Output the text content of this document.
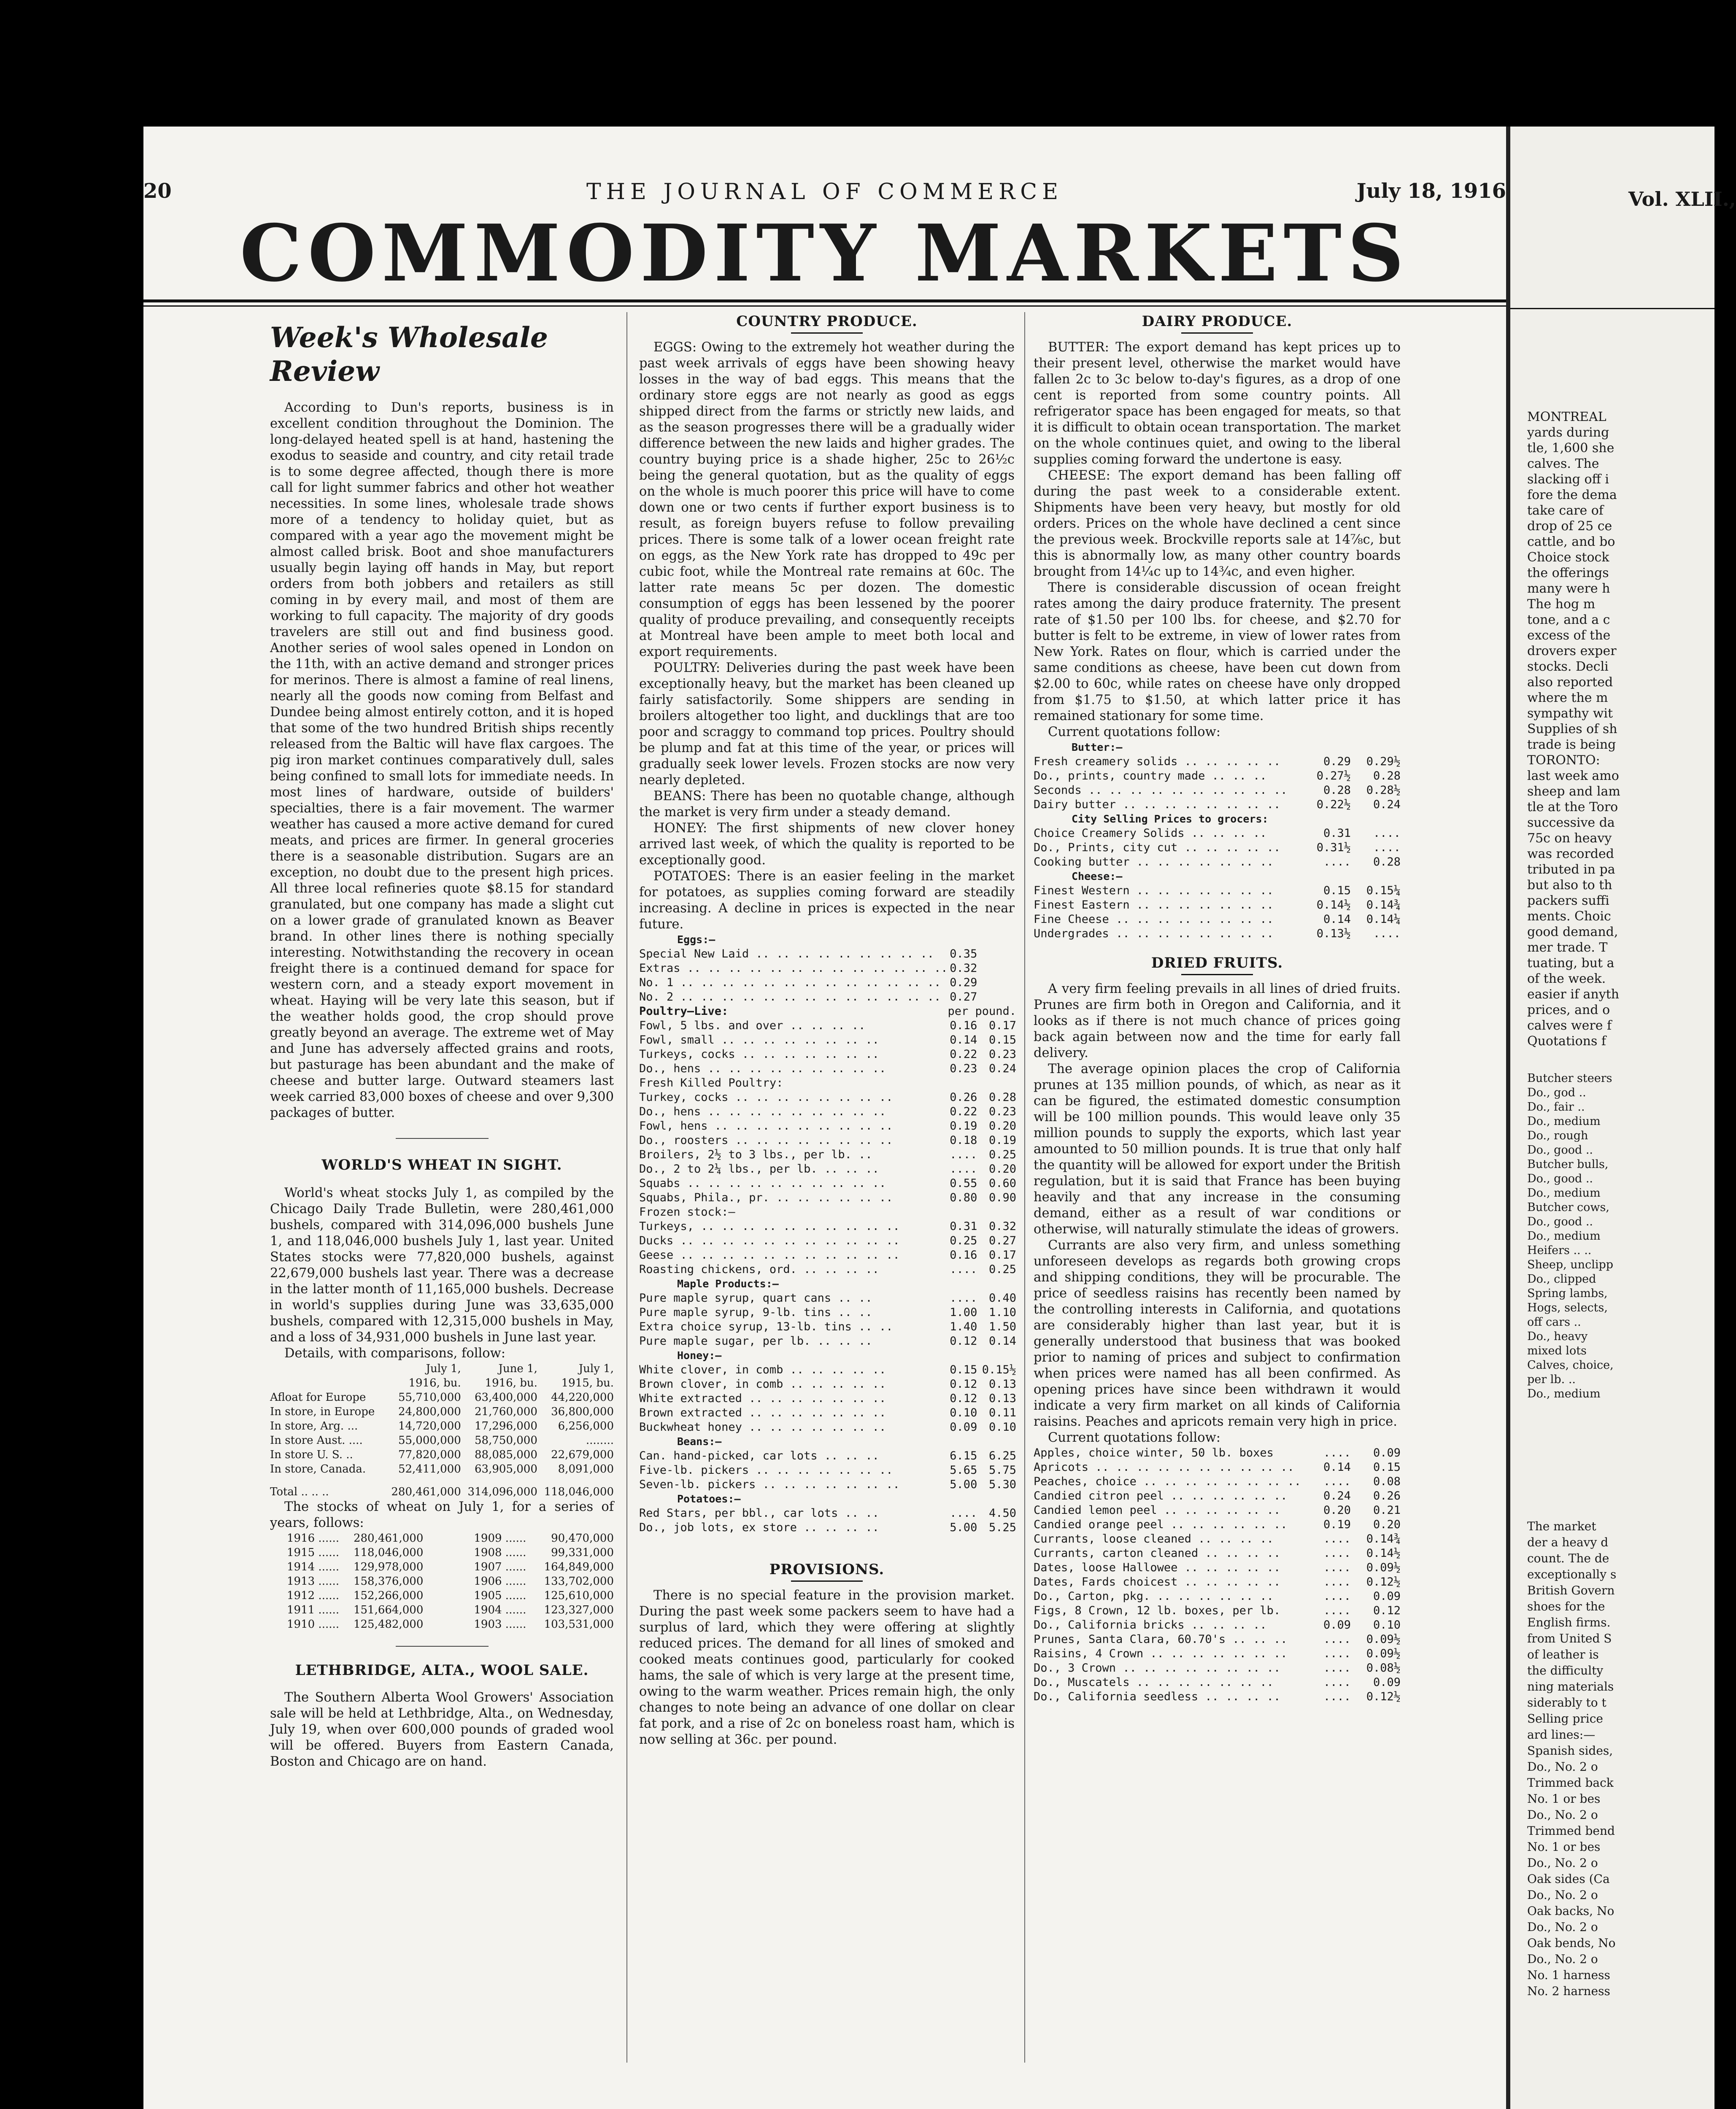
THE JOURNAL OF COMMERCE
20	July 18, 1916
COMMODITY MARKETS
Week's Wholesale Review

According to Dun's reports, business is in excellent condition throughout the Dominion. The long-delayed heated spell is at hand, hastening the exodus to seaside and country, and city retail trade is to some degree affected, though there is more call for light summer fabrics and other hot weather necessities. In some lines, wholesale trade shows more of a tendency to holiday quiet, but as compared with a year ago the movement might be almost called brisk. Boot and shoe manufacturers usually begin laying off hands in May, but report orders from both jobbers and retailers as still coming in by every mail, and most of them are working to full capacity. The majority of dry goods travelers are still out and find business good. Another series of wool sales opened in London on the 11th, with an active demand and stronger prices for merinos. There is almost a famine of real linens, nearly all the goods now coming from Belfast and Dundee being almost entirely cotton, and it is hoped that some of the two hundred British ships recently released from the Baltic will have flax cargoes. The pig iron market continues comparatively dull, sales being confined to small lots for immediate needs. In most lines of hardware, outside of builders' specialties, there is a fair movement. The warmer weather has caused a more active demand for cured meats, and prices are firmer. In general groceries there is a seasonable distribution. Sugars are an exception, no doubt due to the present high prices. All three local refineries quote $8.15 for standard granulated, but one company has made a slight cut on a lower grade of granulated known as Beaver brand. In other lines there is nothing specially interesting. Notwithstanding the recovery in ocean freight there is a continued demand for space for western corn, and a steady export movement in wheat. Haying will be very late this season, but if the weather holds good, the crop should prove greatly beyond an average. The extreme wet of May and June has adversely affected grains and roots, but pasturage has been abundant and the make of cheese and butter large. Outward steamers last week carried 83,000 boxes of cheese and over 9,300 packages of butter.

WORLD'S WHEAT IN SIGHT.

World's wheat stocks July 1, as compiled by the Chicago Daily Trade Bulletin, were 280,461,000 bushels, compared with 314,096,000 bushels June 1, and 118,046,000 bushels July 1, last year. United States stocks were 77,820,000 bushels, against 22,679,000 bushels last year. There was a decrease in the latter month of 11,165,000 bushels. Decrease in world's supplies during June was 33,635,000 bushels, compared with 12,315,000 bushels in May, and a loss of 34,931,000 bushels in June last year.

Details, with comparisons, follow:

	July 1,	June 1,	July 1,
	1916, bu.	1916, bu.	1915, bu.
Afloat for Europe	55,710,000	63,400,000	44,220,000
In store, in Europe	24,800,000	21,760,000	36,800,000
In store, Arg. ...	14,720,000	17,296,000	6,256,000
In store Aust. ....	55,000,000	58,750,000	........
In store U. S. ..	77,820,000	88,085,000	22,679,000
In store, Canada.	52,411,000	63,905,000	8,091,000

Total .. .. ..	280,461,000	314,096,000	118,046,000

The stocks of wheat on July 1, for a series of years, follows:

1916 ......	280,461,000	1909 ......	90,470,000
1915 ......	118,046,000	1908 ......	99,331,000
1914 ......	129,978,000	1907 ......	164,849,000
1913 ......	158,376,000	1906 ......	133,702,000
1912 ......	152,266,000	1905 ......	125,610,000
1911 ......	151,664,000	1904 ......	123,327,000
1910 ......	125,482,000	1903 ......	103,531,000
LETHBRIDGE, ALTA., WOOL SALE.

The Southern Alberta Wool Growers' Association sale will be held at Lethbridge, Alta., on Wednesday, July 19, when over 600,000 pounds of graded wool will be offered. Buyers from Eastern Canada, Boston and Chicago are on hand.

COUNTRY PRODUCE.

EGGS: Owing to the extremely hot weather during the past week arrivals of eggs have been showing heavy losses in the way of bad eggs. This means that the ordinary store eggs are not nearly as good as eggs shipped direct from the farms or strictly new laids, and as the season progresses there will be a gradually wider difference between the new laids and higher grades. The country buying price is a shade higher, 25c to 26½c being the general quotation, but as the quality of eggs on the whole is much poorer this price will have to come down one or two cents if further export business is to result, as foreign buyers refuse to follow prevailing prices. There is some talk of a lower ocean freight rate on eggs, as the New York rate has dropped to 49c per cubic foot, while the Montreal rate remains at 60c. The latter rate means 5c per dozen. The domestic consumption of eggs has been lessened by the poorer quality of produce prevailing, and consequently receipts at Montreal have been ample to meet both local and export requirements.

POULTRY: Deliveries during the past week have been exceptionally heavy, but the market has been cleaned up fairly satisfactorily. Some shippers are sending in broilers altogether too light, and ducklings that are too poor and scraggy to command top prices. Poultry should be plump and fat at this time of the year, or prices will gradually seek lower levels. Frozen stocks are now very nearly depleted.

BEANS: There has been no quotable change, although the market is very firm under a steady demand.

HONEY: The first shipments of new clover honey arrived last week, of which the quality is reported to be exceptionally good.

POTATOES: There is an easier feeling in the market for potatoes, as supplies coming forward are steadily increasing. A decline in prices is expected in the near future.

Eggs:—		
Special New Laid .. .. .. .. .. .. .. .. ..	0.35	
Extras .. .. .. .. .. .. .. .. .. .. .. .. ..	0.32	
No. 1 .. .. .. .. .. .. .. .. .. .. .. .. ..	0.29	
No. 2 .. .. .. .. .. .. .. .. .. .. .. .. ..	0.27	
Poultry—Live:	per pound.	
Fowl, 5 lbs. and over .. .. .. ..	0.16	0.17
Fowl, small .. .. .. .. .. .. .. ..	0.14	0.15
Turkeys, cocks .. .. .. .. .. .. ..	0.22	0.23
Do., hens .. .. .. .. .. .. .. .. ..	0.23	0.24
Fresh Killed Poultry:		
Turkey, cocks .. .. .. .. .. .. .. ..	0.26	0.28
Do., hens .. .. .. .. .. .. .. .. ..	0.22	0.23
Fowl, hens .. .. .. .. .. .. .. .. ..	0.19	0.20
Do., roosters .. .. .. .. .. .. .. ..	0.18	0.19
Broilers, 2½ to 3 lbs., per lb. ..	....	0.25
Do., 2 to 2¼ lbs., per lb. .. .. ..	....	0.20
Squabs .. .. .. .. .. .. .. .. .. ..	0.55	0.60
Squabs, Phila., pr. .. .. .. .. .. ..	0.80	0.90
Frozen stock:—		
Turkeys, .. .. .. .. .. .. .. .. .. ..	0.31	0.32
Ducks .. .. .. .. .. .. .. .. .. .. ..	0.25	0.27
Geese .. .. .. .. .. .. .. .. .. .. ..	0.16	0.17
Roasting chickens, ord. .. .. .. ..	....	0.25
Maple Products:—		
Pure maple syrup, quart cans .. ..	....	0.40
Pure maple syrup, 9-lb. tins .. ..	1.00	1.10
Extra choice syrup, 13-lb. tins .. ..	1.40	1.50
Pure maple sugar, per lb. .. .. ..	0.12	0.14
Honey:—		
White clover, in comb .. .. .. .. ..	0.15	0.15½
Brown clover, in comb .. .. .. .. ..	0.12	0.13
White extracted .. .. .. .. .. .. ..	0.12	0.13
Brown extracted .. .. .. .. .. .. ..	0.10	0.11
Buckwheat honey .. .. .. .. .. .. ..	0.09	0.10
Beans:—		
Can. hand-picked, car lots .. .. ..	6.15	6.25
Five-lb. pickers .. .. .. .. .. .. ..	5.65	5.75
Seven-lb. pickers .. .. .. .. .. .. ..	5.00	5.30
Potatoes:—		
Red Stars, per bbl., car lots .. ..	....	4.50
Do., job lots, ex store .. .. .. ..	5.00	5.25
PROVISIONS.

There is no special feature in the provision market. During the past week some packers seem to have had a surplus of lard, which they were offering at slightly reduced prices. The demand for all lines of smoked and cooked meats continues good, particularly for cooked hams, the sale of which is very large at the present time, owing to the warm weather. Prices remain high, the only changes to note being an advance of one dollar on clear fat pork, and a rise of 2c on boneless roast ham, which is now selling at 36c. per pound.

DAIRY PRODUCE.

BUTTER: The export demand has kept prices up to their present level, otherwise the market would have fallen 2c to 3c below to-day's figures, as a drop of one cent is reported from some country points. All refrigerator space has been engaged for meats, so that it is difficult to obtain ocean transportation. The market on the whole continues quiet, and owing to the liberal supplies coming forward the undertone is easy.

CHEESE: The export demand has been falling off during the past week to a considerable extent. Shipments have been very heavy, but mostly for old orders. Prices on the whole have declined a cent since the previous week. Brockville reports sale at 14⅞c, but this is abnormally low, as many other country boards brought from 14¼c up to 14¾c, and even higher.

There is considerable discussion of ocean freight rates among the dairy produce fraternity. The present rate of $1.50 per 100 lbs. for cheese, and $2.70 for butter is felt to be extreme, in view of lower rates from New York. Rates on flour, which is carried under the same conditions as cheese, have been cut down from $2.00 to 60c, while rates on cheese have only dropped from $1.75 to $1.50, at which latter price it has remained stationary for some time.

Current quotations follow:

Butter:—		
Fresh creamery solids .. .. .. .. ..	0.29	0.29½
Do., prints, country made .. .. ..	0.27½	0.28
Seconds .. .. .. .. .. .. .. .. .. ..	0.28	0.28½
Dairy butter .. .. .. .. .. .. .. ..	0.22½	0.24
City Selling Prices to grocers:		
Choice Creamery Solids .. .. .. ..	0.31	....
Do., Prints, city cut .. .. .. .. ..	0.31½	....
Cooking butter .. .. .. .. .. .. ..	....	0.28
Cheese:—		
Finest Western .. .. .. .. .. .. ..	0.15	0.15¼
Finest Eastern .. .. .. .. .. .. ..	0.14½	0.14¾
Fine Cheese .. .. .. .. .. .. .. ..	0.14	0.14¼
Undergrades .. .. .. .. .. .. .. ..	0.13½	....
DRIED FRUITS.

A very firm feeling prevails in all lines of dried fruits. Prunes are firm both in Oregon and California, and it looks as if there is not much chance of prices going back again between now and the time for early fall delivery.

The average opinion places the crop of California prunes at 135 million pounds, of which, as near as it can be figured, the estimated domestic consumption will be 100 million pounds. This would leave only 35 million pounds to supply the exports, which last year amounted to 50 million pounds. It is true that only half the quantity will be allowed for export under the British regulation, but it is said that France has been buying heavily and that any increase in the consuming demand, either as a result of war conditions or otherwise, will naturally stimulate the ideas of growers.

Currants are also very firm, and unless something unforeseen develops as regards both growing crops and shipping conditions, they will be procurable. The price of seedless raisins has recently been named by the controlling interests in California, and quotations are considerably higher than last year, but it is generally understood that business that was booked prior to naming of prices and subject to confirmation when prices were named has all been confirmed. As opening prices have since been withdrawn it would indicate a very firm market on all kinds of California raisins. Peaches and apricots remain very high in price.

Current quotations follow:

Apples, choice winter, 50 lb. boxes	....	0.09
Apricots .. .. .. .. .. .. .. .. .. ..	0.14	0.15
Peaches, choice .. .. .. .. .. .. .. ..	....	0.08
Candied citron peel .. .. .. .. .. ..	0.24	0.26
Candied lemon peel .. .. .. .. .. ..	0.20	0.21
Candied orange peel .. .. .. .. .. ..	0.19	0.20
Currants, loose cleaned .. .. .. ..	....	0.14¾
Currants, carton cleaned .. .. .. ..	....	0.14½
Dates, loose Hallowee .. .. .. .. ..	....	0.09½
Dates, Fards choicest .. .. .. .. ..	....	0.12½
Do., Carton, pkg. .. .. .. .. .. ..	....	0.09
Figs, 8 Crown, 12 lb. boxes, per lb.	....	0.12
Do., California bricks .. .. .. ..	0.09	0.10
Prunes, Santa Clara, 60.70's .. .. ..	....	0.09½
Raisins, 4 Crown .. .. .. .. .. .. ..	....	0.09½
Do., 3 Crown .. .. .. .. .. .. .. ..	....	0.08½
Do., Muscatels .. .. .. .. .. .. ..	....	0.09
Do., California seedless .. .. .. ..	....	0.12½
Vol. XLII.,
MONTREAL
yards during
tle, 1,600 she
calves. The
slacking off i
fore the dema
take care of
drop of 25 ce
cattle, and bo
Choice stock
the offerings
many were h
The hog m
tone, and a c
excess of the
drovers exper
stocks. Decli
also reported
where the m
sympathy wit
Supplies of sh
trade is being
TORONTO:
last week amo
sheep and lam
tle at the Toro
successive da
75c on heavy
was recorded
tributed in pa
but also to th
packers suffi
ments. Choic
good demand,
mer trade. T
tuating, but a
of the week.
easier if anyth
prices, and o
calves were f
Quotations f
Butcher steers
Do., god ..
Do., fair ..
Do., medium
Do., rough
Do., good ..
Butcher bulls,
Do., good ..
Do., medium
Butcher cows,
Do., good ..
Do., medium
Heifers .. ..
Sheep, unclipp
Do., clipped
Spring lambs,
Hogs, selects,
off cars ..
Do., heavy
mixed lots
Calves, choice,
per lb. ..
Do., medium
The market
der a heavy d
count. The de
exceptionally s
British Govern
shoes for the
English firms.
from United S
of leather is
the difficulty
ning materials
siderably to t
Selling price
ard lines:—
Spanish sides,
Do., No. 2 o
Trimmed back
No. 1 or bes
Do., No. 2 o
Trimmed bend
No. 1 or bes
Do., No. 2 o
Oak sides (Ca
Do., No. 2 o
Oak backs, No
Do., No. 2 o
Oak bends, No
Do., No. 2 o
No. 1 harness
No. 2 harness
